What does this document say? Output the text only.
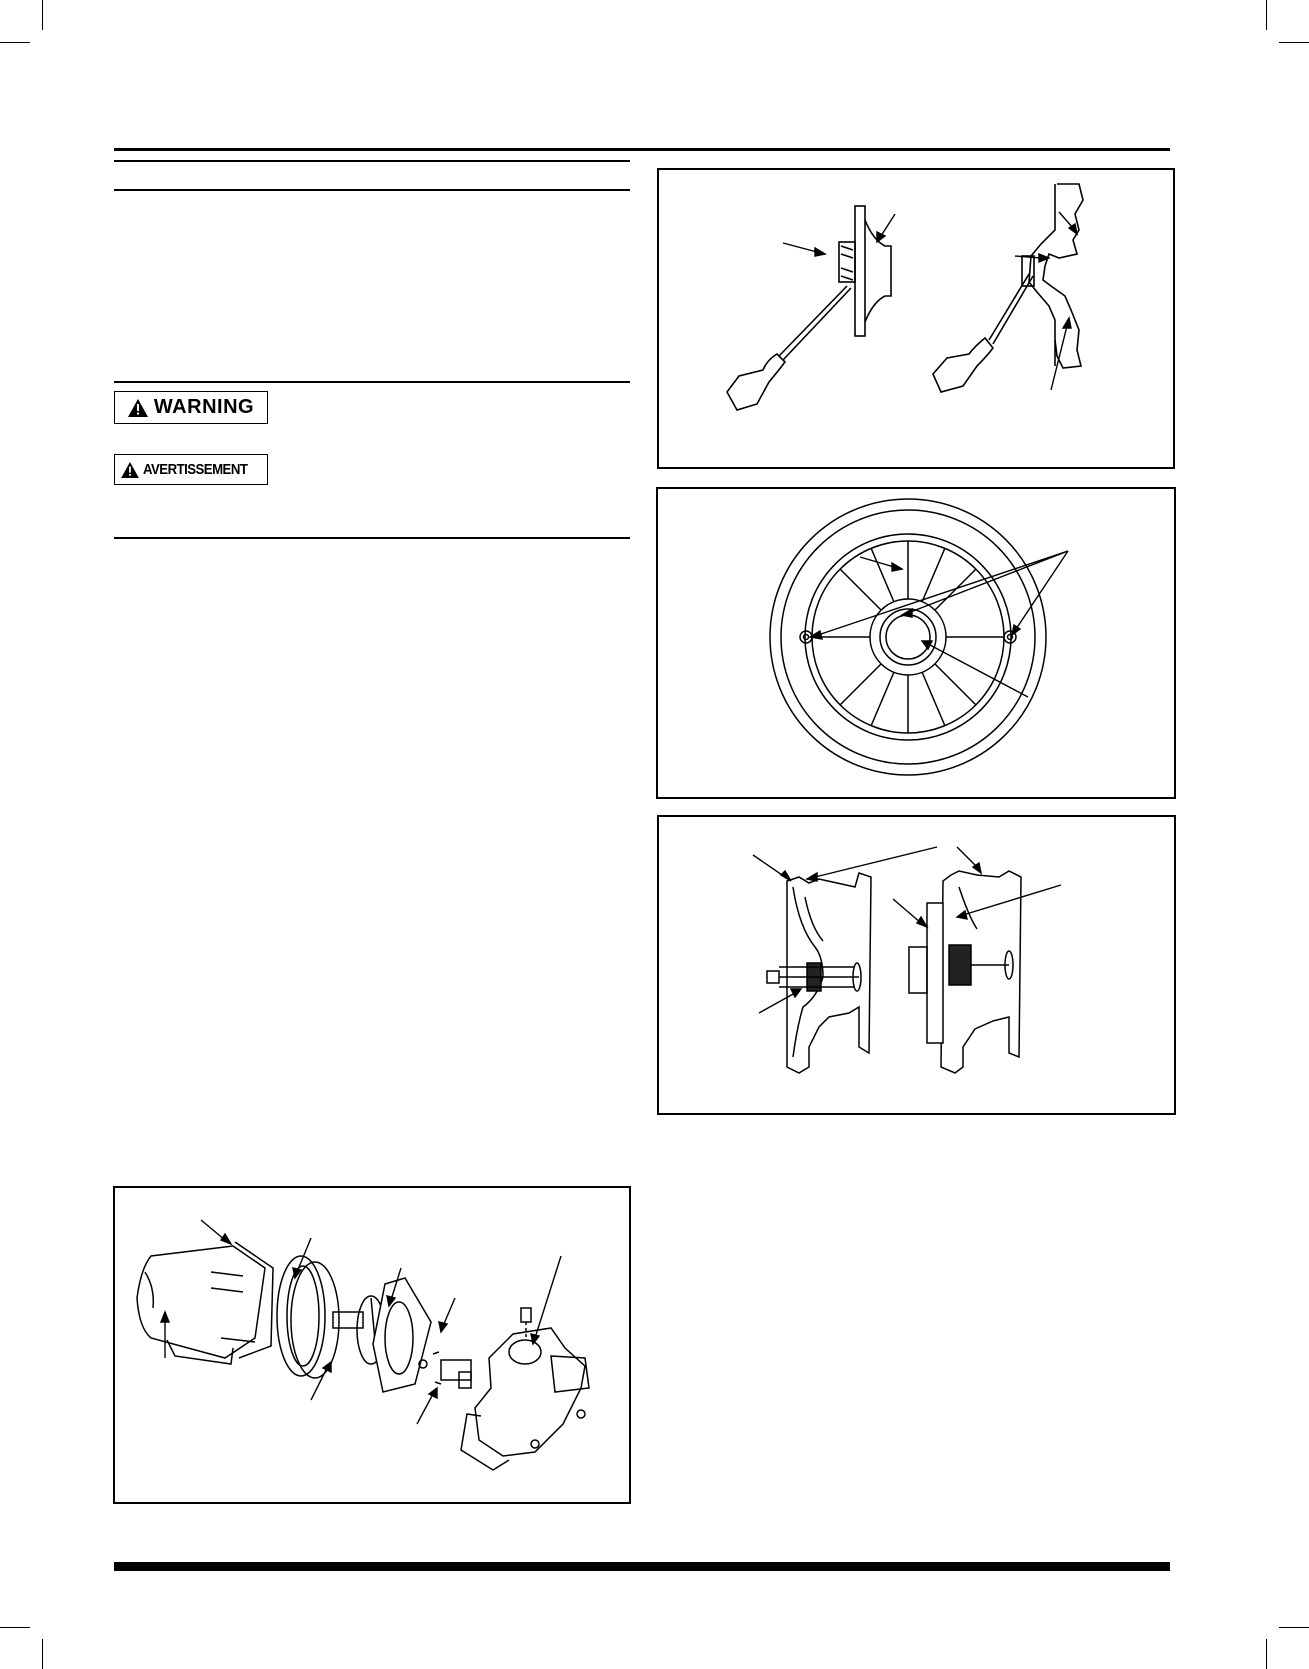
WARNING
AVERTISSEMENT
